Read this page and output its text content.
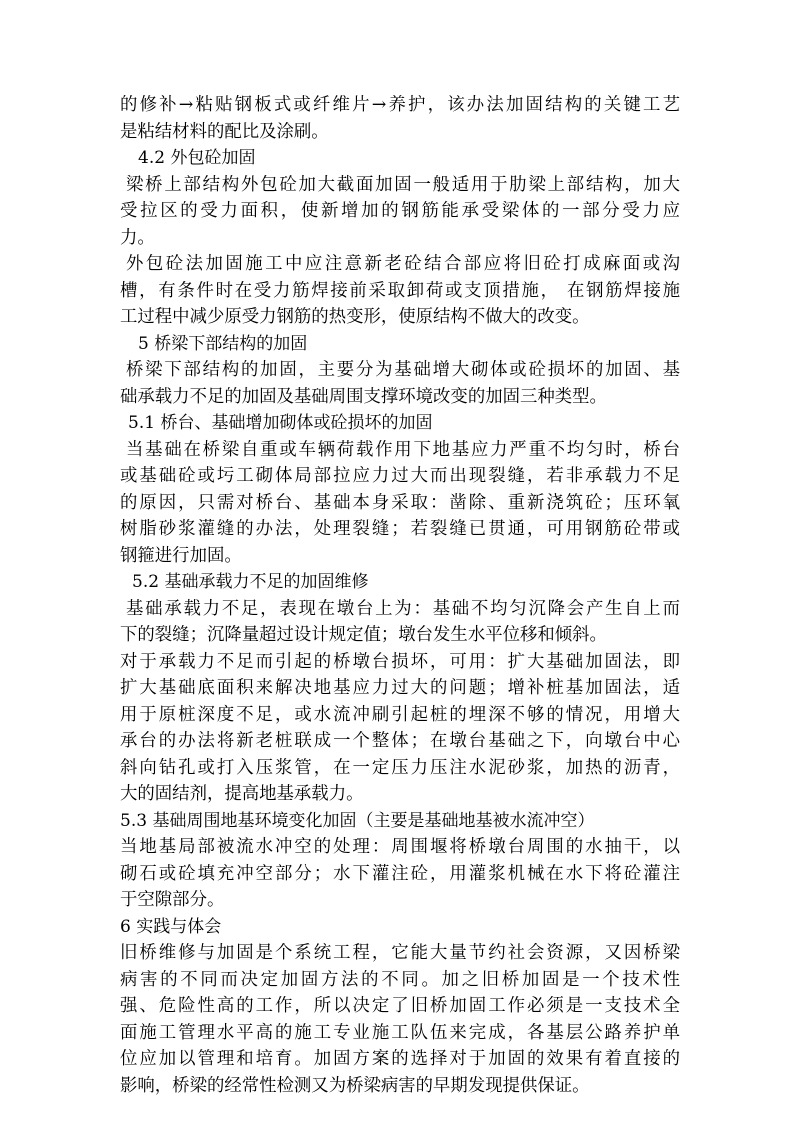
的修补→粘贴钢板式或纤维片→养护，该办法加固结构的关键工艺
是粘结材料的配比及涂刷。
4.2 外包砼加固
梁桥上部结构外包砼加大截面加固一般适用于肋梁上部结构，加大
受拉区的受力面积，使新增加的钢筋能承受梁体的一部分受力应
力。
外包砼法加固施工中应注意新老砼结合部应将旧砼打成麻面或沟
槽，有条件时在受力筋焊接前采取卸荷或支顶措施， 在钢筋焊接施
工过程中减少原受力钢筋的热变形，使原结构不做大的改变。
5 桥梁下部结构的加固
桥梁下部结构的加固，主要分为基础增大砌体或砼损坏的加固、基
础承载力不足的加固及基础周围支撑环境改变的加固三种类型。
5.1 桥台、基础增加砌体或砼损坏的加固
当基础在桥梁自重或车辆荷载作用下地基应力严重不均匀时，桥台
或基础砼或圬工砌体局部拉应力过大而出现裂缝，若非承载力不足
的原因，只需对桥台、基础本身采取：凿除、重新浇筑砼；压环氧
树脂砂浆灌缝的办法，处理裂缝；若裂缝已贯通，可用钢筋砼带或
钢箍进行加固。
5.2 基础承载力不足的加固维修
基础承载力不足，表现在墩台上为：基础不均匀沉降会产生自上而
下的裂缝；沉降量超过设计规定值；墩台发生水平位移和倾斜。
对于承载力不足而引起的桥墩台损坏，可用：扩大基础加固法，即
扩大基础底面积来解决地基应力过大的问题；增补桩基加固法，适
用于原桩深度不足，或水流冲刷引起桩的埋深不够的情况，用增大
承台的办法将新老桩联成一个整体；在墩台基础之下，向墩台中心
斜向钻孔或打入压浆管，在一定压力压注水泥砂浆，加热的沥青，
大的固结剂，提高地基承载力。
5.3 基础周围地基环境变化加固（主要是基础地基被水流冲空）
当地基局部被流水冲空的处理：周围堰将桥墩台周围的水抽干，以
砌石或砼填充冲空部分；水下灌注砼，用灌浆机械在水下将砼灌注
于空隙部分。
6 实践与体会
旧桥维修与加固是个系统工程，它能大量节约社会资源，又因桥梁
病害的不同而决定加固方法的不同。加之旧桥加固是一个技术性
强、危险性高的工作，所以决定了旧桥加固工作必须是一支技术全
面施工管理水平高的施工专业施工队伍来完成，各基层公路养护单
位应加以管理和培育。加固方案的选择对于加固的效果有着直接的
影响，桥梁的经常性检测又为桥梁病害的早期发现提供保证。
